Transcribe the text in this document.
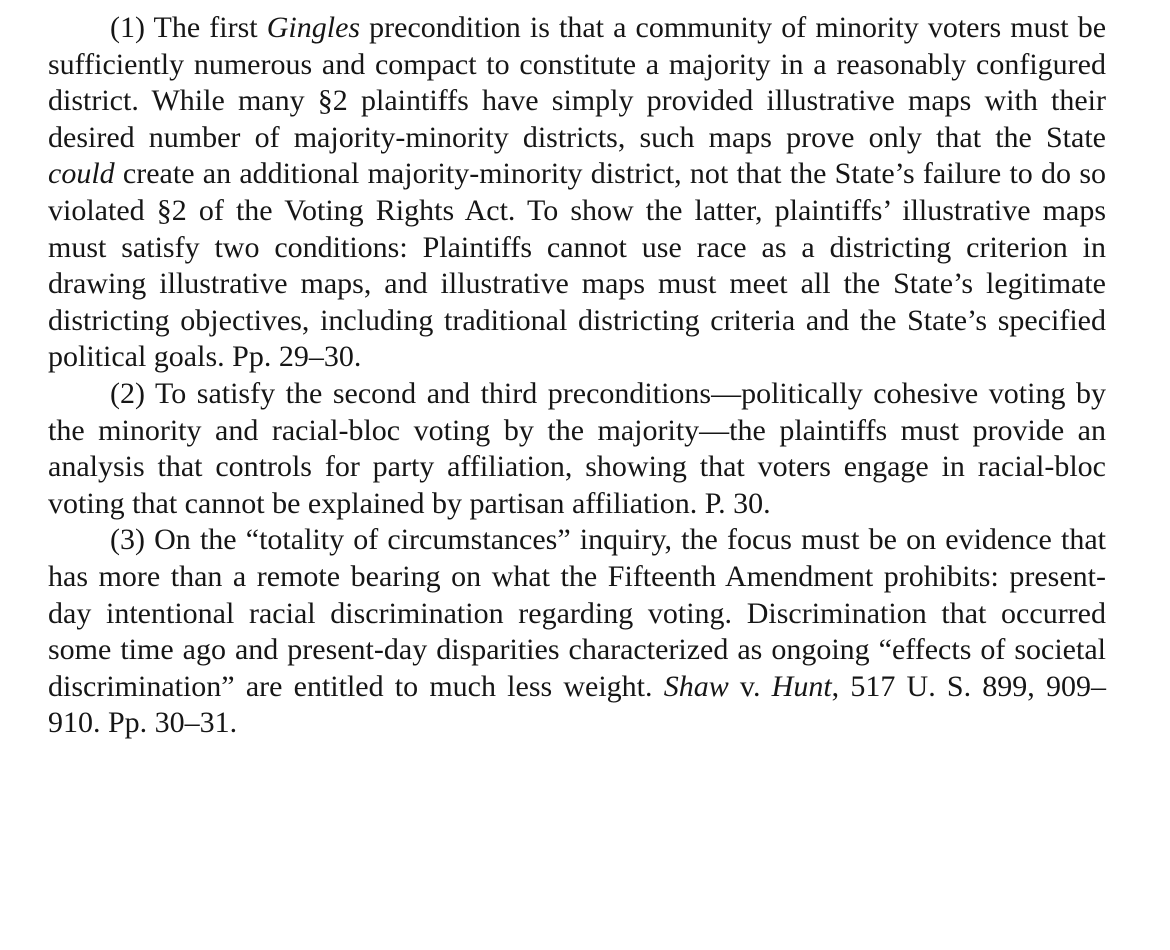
(1) The first Gingles precondition is that a community of minority voters must be sufficiently numerous and compact to constitute a majority in a reasonably configured district. While many §2 plaintiffs have simply provided illustrative maps with their desired number of majority-minority districts, such maps prove only that the State could create an additional majority-minority district, not that the State’s failure to do so violated §2 of the Voting Rights Act. To show the latter, plaintiffs’ illustrative maps must satisfy two conditions: Plaintiffs cannot use race as a districting criterion in drawing illustrative maps, and illustrative maps must meet all the State’s legitimate districting objectives, including traditional districting criteria and the State’s specified political goals. Pp. 29–30.

(2) To satisfy the second and third preconditions—politically cohesive voting by the minority and racial-bloc voting by the majority—the plaintiffs must provide an analysis that controls for party affiliation, showing that voters engage in racial-bloc voting that cannot be explained by partisan affiliation. P. 30.

(3) On the “totality of circumstances” inquiry, the focus must be on evidence that has more than a remote bearing on what the Fifteenth Amendment prohibits: present-day intentional racial discrimination regarding voting. Discrimination that occurred some time ago and present-day disparities characterized as ongoing “effects of societal discrimination” are entitled to much less weight. Shaw v. Hunt, 517 U. S. 899, 909–910. Pp. 30–31.
